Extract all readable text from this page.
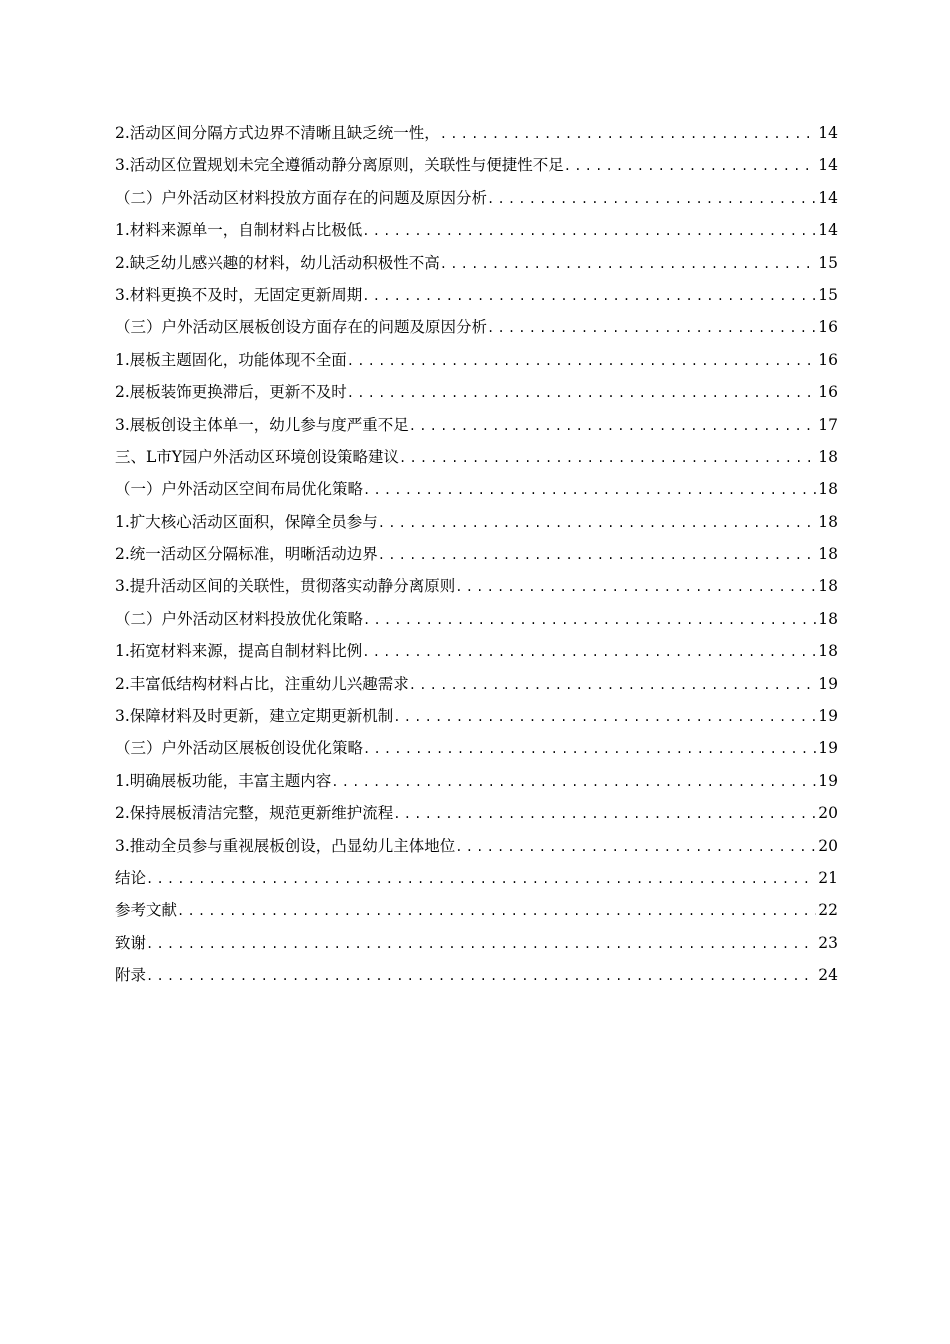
2.活动区间分隔方式边界不清晰且缺乏统一性， .....	14
3.活动区位置规划未完全遵循动静分离原则，关联性与便捷性不足 .....	14
（二）户外活动区材料投放方面存在的问题及原因分析 .....	14
1.材料来源单一，自制材料占比极低 .....	14
2.缺乏幼儿感兴趣的材料，幼儿活动积极性不高 .....	15
3.材料更换不及时，无固定更新周期 .....	15
（三）户外活动区展板创设方面存在的问题及原因分析 .....	16
1.展板主题固化，功能体现不全面 .....	16
2.展板装饰更换滞后，更新不及时 .....	16
3.展板创设主体单一，幼儿参与度严重不足 .....	17
三、L市Y园户外活动区环境创设策略建议 .....	18
（一）户外活动区空间布局优化策略 .....	18
1.扩大核心活动区面积，保障全员参与 .....	18
2.统一活动区分隔标准，明晰活动边界 .....	18
3.提升活动区间的关联性，贯彻落实动静分离原则 .....	18
（二）户外活动区材料投放优化策略 .....	18
1.拓宽材料来源，提高自制材料比例 .....	18
2.丰富低结构材料占比，注重幼儿兴趣需求 .....	19
3.保障材料及时更新，建立定期更新机制 .....	19
（三）户外活动区展板创设优化策略 .....	19
1.明确展板功能，丰富主题内容 .....	19
2.保持展板清洁完整，规范更新维护流程 .....	20
3.推动全员参与重视展板创设，凸显幼儿主体地位 .....	20
结论 .....	21
参考文献 .....	22
致谢 .....	23
附录 .....	24
